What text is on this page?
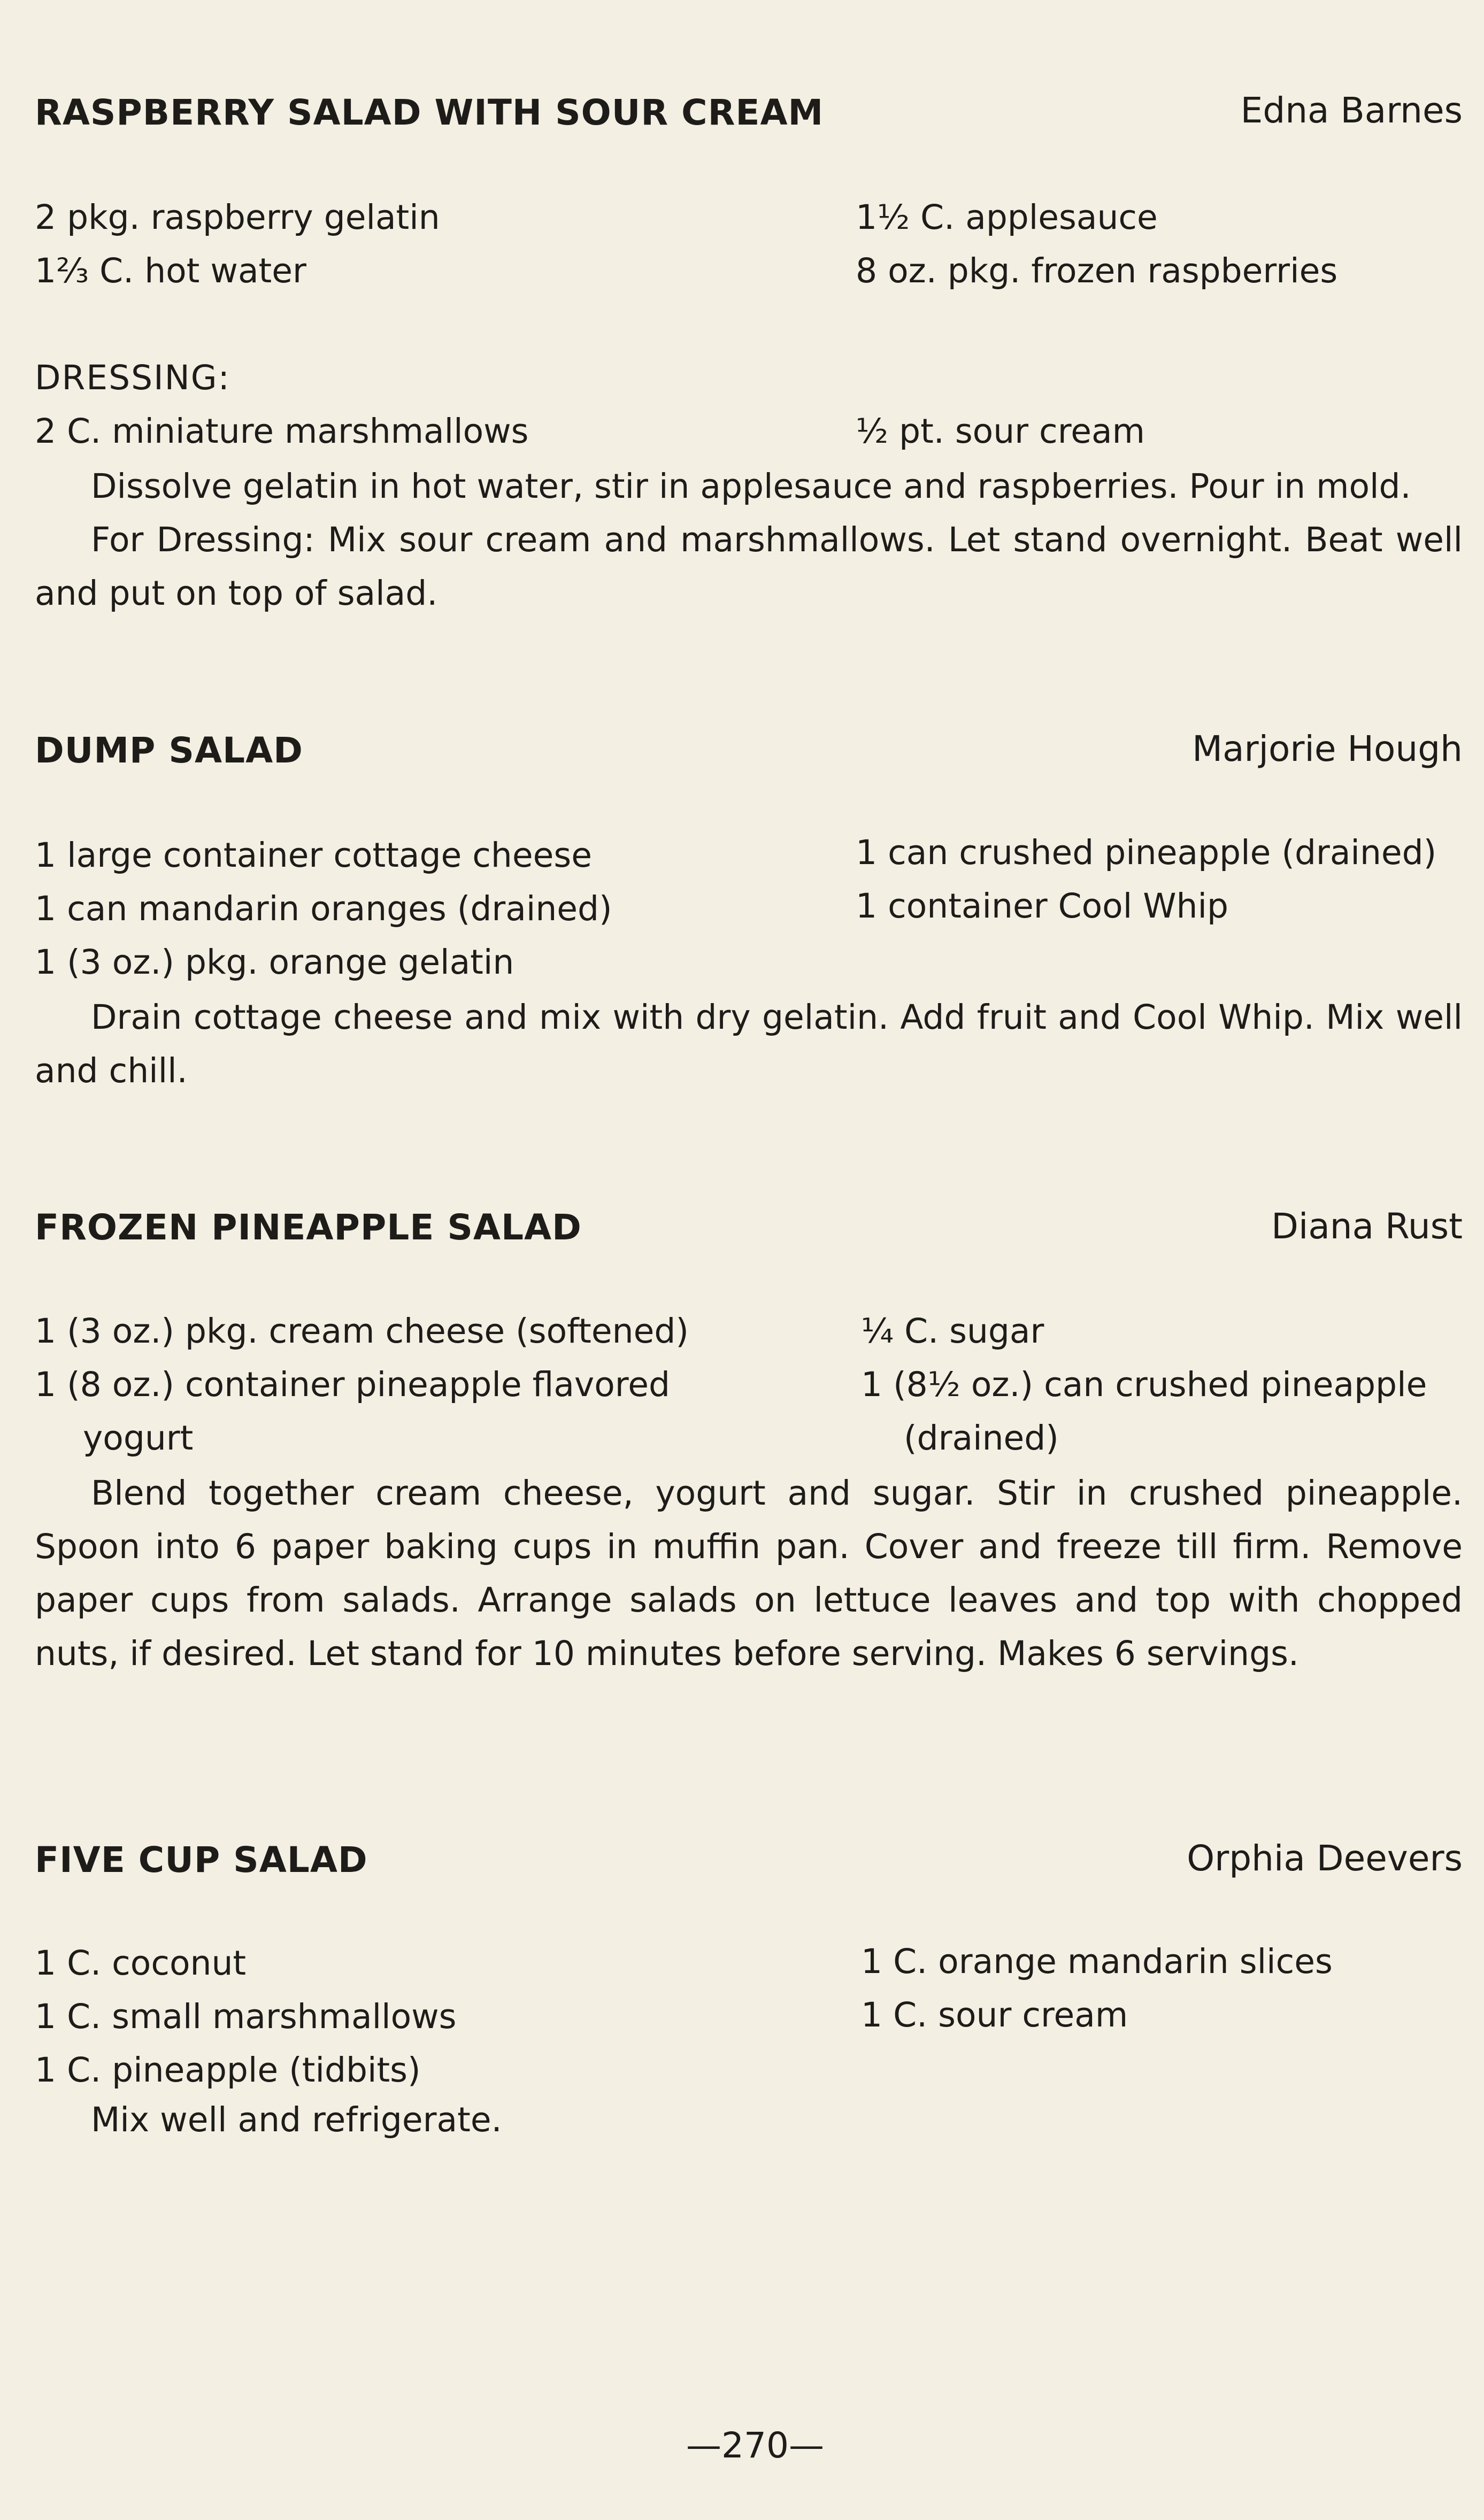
RASPBERRY SALAD WITH SOUR CREAM	Edna Barnes
2 pkg. raspberry gelatin
1⅔ C. hot water
1½ C. applesauce
8 oz. pkg. frozen raspberries
DRESSING:
2 C. miniature marshmallows	½ pt. sour cream

Dissolve gelatin in hot water, stir in applesauce and raspberries. Pour in mold.

For Dressing: Mix sour cream and marshmallows. Let stand overnight. Beat well and put on top of salad.

DUMP SALAD	Marjorie Hough
1 large container cottage cheese
1 can mandarin oranges (drained)
1 (3 oz.) pkg. orange gelatin
1 can crushed pineapple (drained)
1 container Cool Whip

Drain cottage cheese and mix with dry gelatin. Add fruit and Cool Whip. Mix well and chill.

FROZEN PINEAPPLE SALAD	Diana Rust
1 (3 oz.) pkg. cream cheese (softened)
1 (8 oz.) container pineapple flavored
yogurt
¼ C. sugar
1 (8½ oz.) can crushed pineapple
(drained)

Blend together cream cheese, yogurt and sugar. Stir in crushed pineapple. Spoon into 6 paper baking cups in muffin pan. Cover and freeze till firm. Remove paper cups from salads. Arrange salads on lettuce leaves and top with chopped nuts, if desired. Let stand for 10 minutes before serving. Makes 6 servings.

FIVE CUP SALAD	Orphia Deevers
1 C. coconut
1 C. small marshmallows
1 C. pineapple (tidbits)
1 C. orange mandarin slices
1 C. sour cream

Mix well and refrigerate.

—270—
